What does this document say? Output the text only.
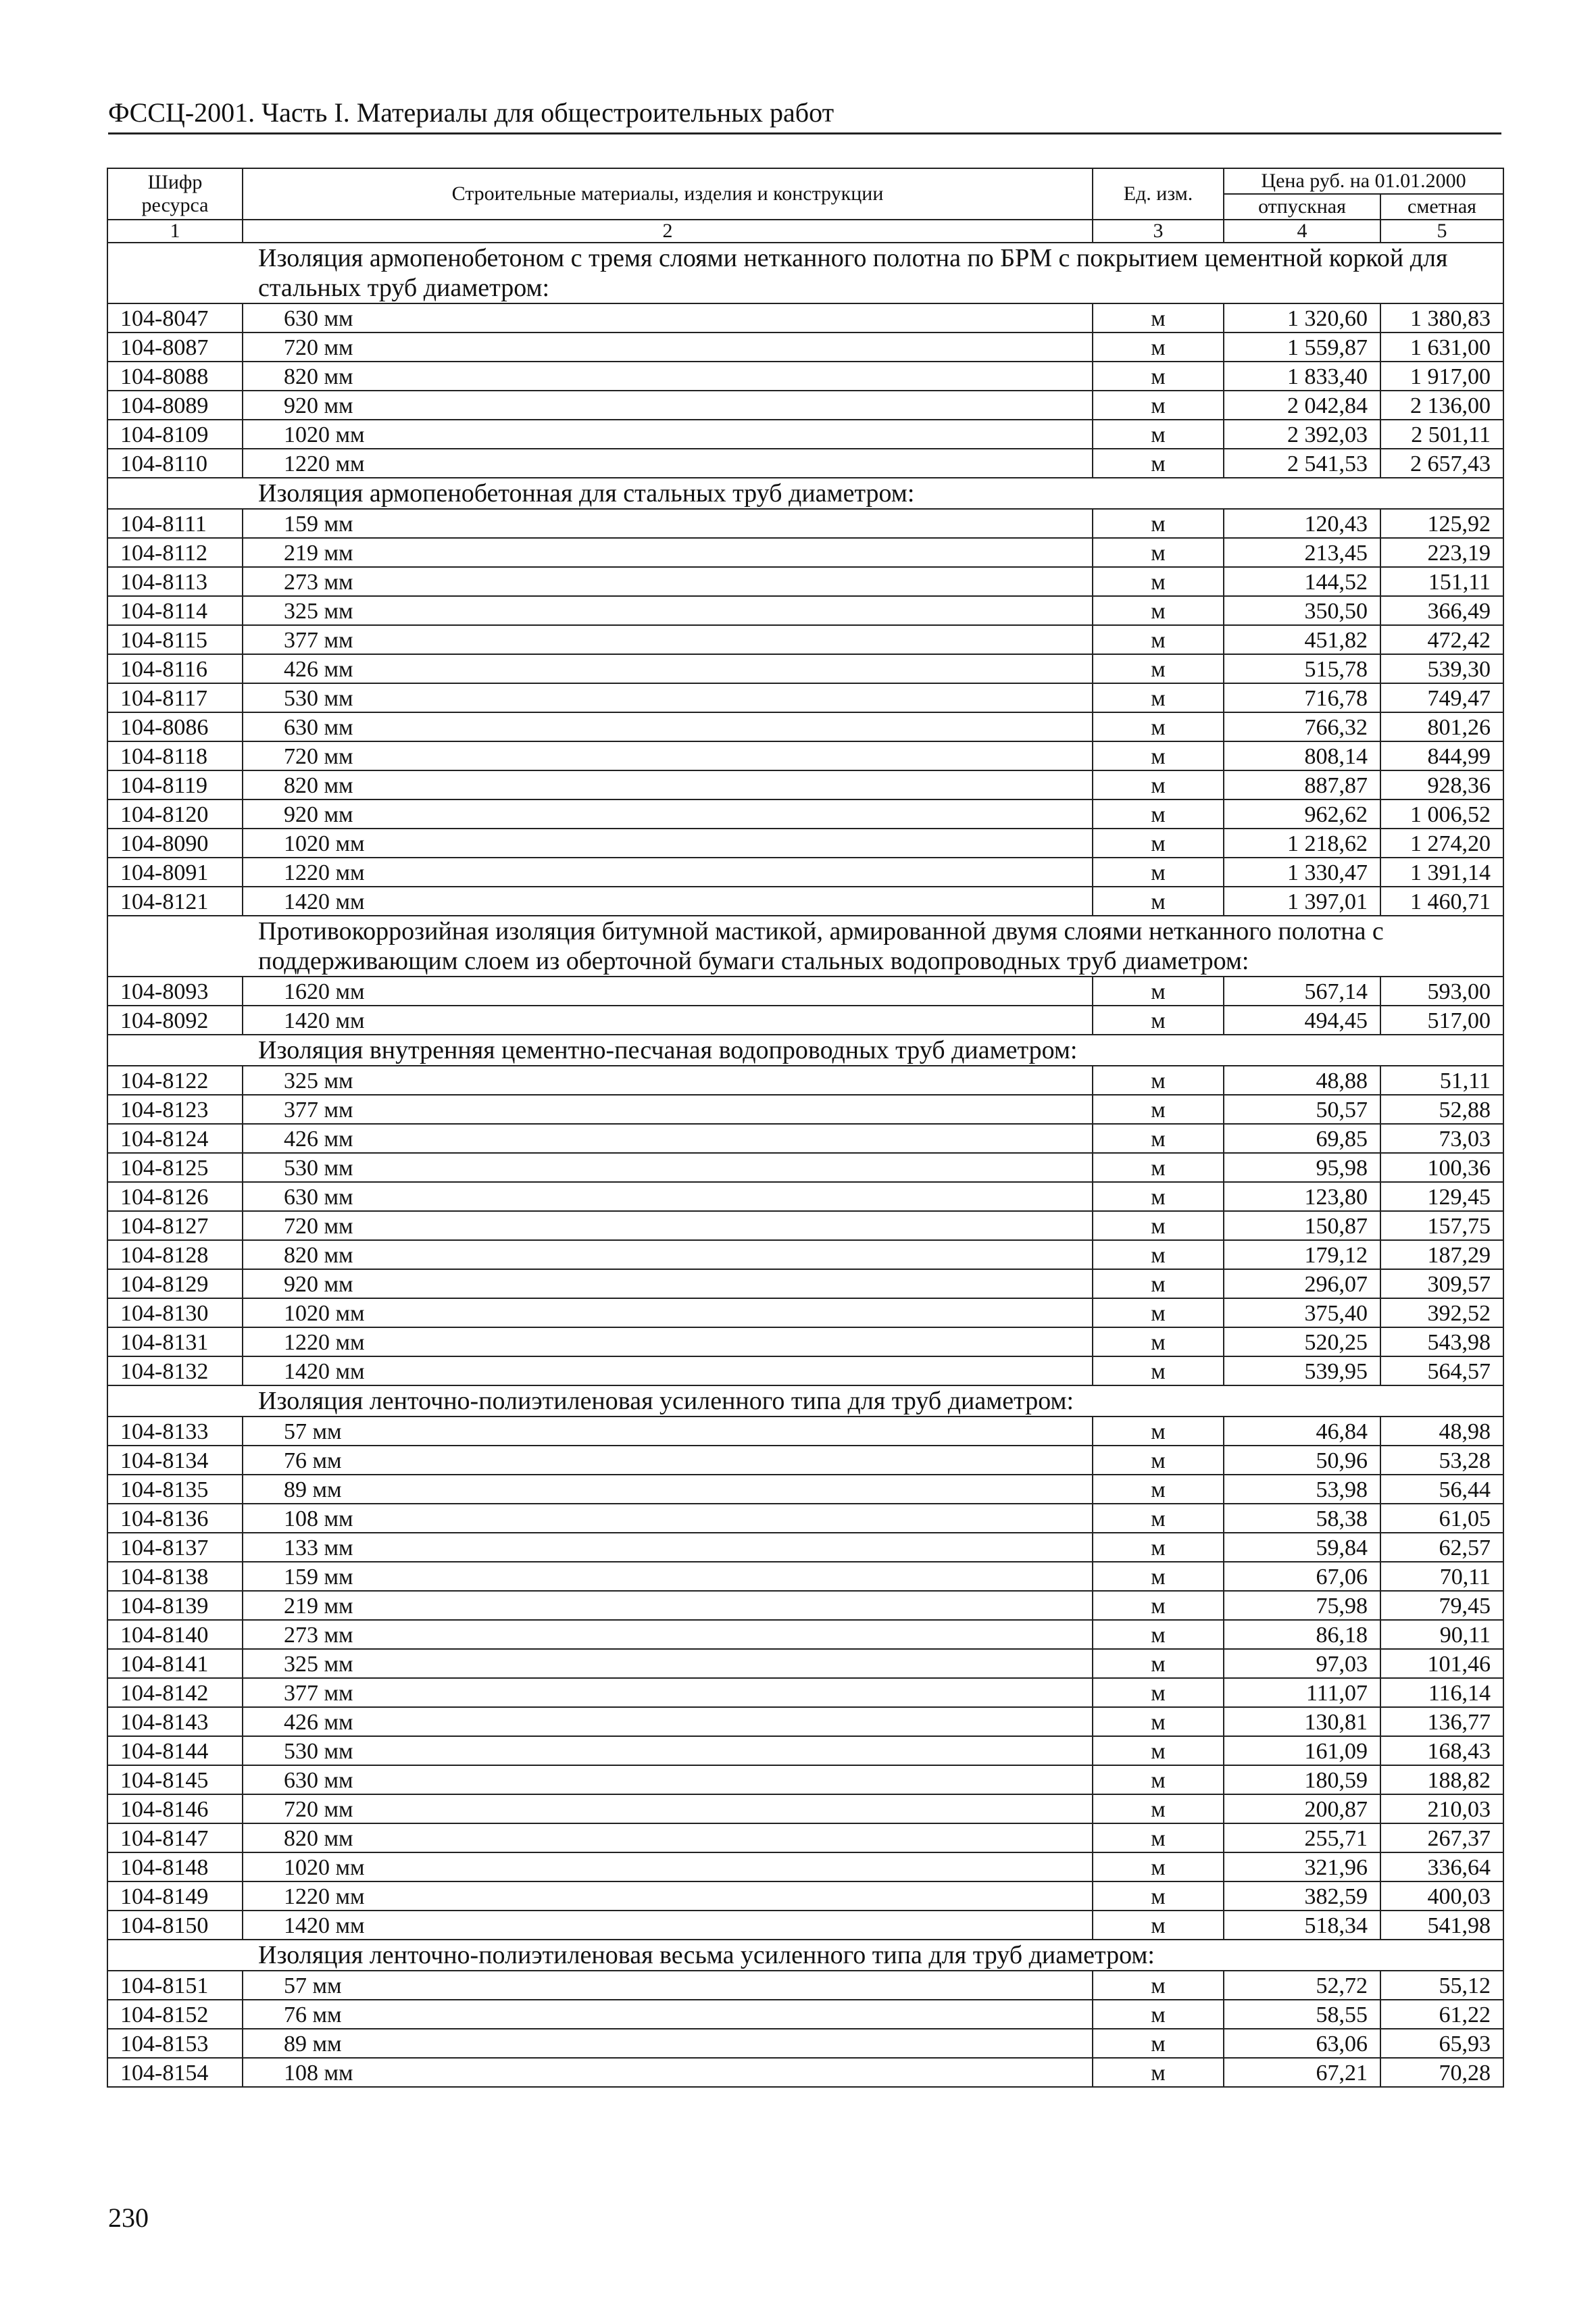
ФССЦ-2001. Часть I. Материалы для общестроительных работ
Шифр ресурса	Строительные материалы, изделия и конструкции	Ед. изм.	Цена руб. на 01.01.2000	
			отпускная	сметная
1	2	3	4	5
Изоляция армопенобетоном с тремя слоями нетканного полотна по БРМ с покрытием цементной коркой для стальных труб диаметром:				
104-8047	630 мм	м	1 320,60	1 380,83
104-8087	720 мм	м	1 559,87	1 631,00
104-8088	820 мм	м	1 833,40	1 917,00
104-8089	920 мм	м	2 042,84	2 136,00
104-8109	1020 мм	м	2 392,03	2 501,11
104-8110	1220 мм	м	2 541,53	2 657,43
Изоляция армопенобетонная для стальных труб диаметром:				
104-8111	159 мм	м	120,43	125,92
104-8112	219 мм	м	213,45	223,19
104-8113	273 мм	м	144,52	151,11
104-8114	325 мм	м	350,50	366,49
104-8115	377 мм	м	451,82	472,42
104-8116	426 мм	м	515,78	539,30
104-8117	530 мм	м	716,78	749,47
104-8086	630 мм	м	766,32	801,26
104-8118	720 мм	м	808,14	844,99
104-8119	820 мм	м	887,87	928,36
104-8120	920 мм	м	962,62	1 006,52
104-8090	1020 мм	м	1 218,62	1 274,20
104-8091	1220 мм	м	1 330,47	1 391,14
104-8121	1420 мм	м	1 397,01	1 460,71
Противокоррозийная изоляция битумной мастикой, армированной двумя слоями нетканного полотна с поддерживающим слоем из оберточной бумаги стальных водопроводных труб диаметром:				
104-8093	1620 мм	м	567,14	593,00
104-8092	1420 мм	м	494,45	517,00
Изоляция внутренняя цементно-песчаная водопроводных труб диаметром:				
104-8122	325 мм	м	48,88	51,11
104-8123	377 мм	м	50,57	52,88
104-8124	426 мм	м	69,85	73,03
104-8125	530 мм	м	95,98	100,36
104-8126	630 мм	м	123,80	129,45
104-8127	720 мм	м	150,87	157,75
104-8128	820 мм	м	179,12	187,29
104-8129	920 мм	м	296,07	309,57
104-8130	1020 мм	м	375,40	392,52
104-8131	1220 мм	м	520,25	543,98
104-8132	1420 мм	м	539,95	564,57
Изоляция ленточно-полиэтиленовая усиленного типа для труб диаметром:				
104-8133	57 мм	м	46,84	48,98
104-8134	76 мм	м	50,96	53,28
104-8135	89 мм	м	53,98	56,44
104-8136	108 мм	м	58,38	61,05
104-8137	133 мм	м	59,84	62,57
104-8138	159 мм	м	67,06	70,11
104-8139	219 мм	м	75,98	79,45
104-8140	273 мм	м	86,18	90,11
104-8141	325 мм	м	97,03	101,46
104-8142	377 мм	м	111,07	116,14
104-8143	426 мм	м	130,81	136,77
104-8144	530 мм	м	161,09	168,43
104-8145	630 мм	м	180,59	188,82
104-8146	720 мм	м	200,87	210,03
104-8147	820 мм	м	255,71	267,37
104-8148	1020 мм	м	321,96	336,64
104-8149	1220 мм	м	382,59	400,03
104-8150	1420 мм	м	518,34	541,98
Изоляция ленточно-полиэтиленовая весьма усиленного типа для труб диаметром:				
104-8151	57 мм	м	52,72	55,12
104-8152	76 мм	м	58,55	61,22
104-8153	89 мм	м	63,06	65,93
104-8154	108 мм	м	67,21	70,28
230
